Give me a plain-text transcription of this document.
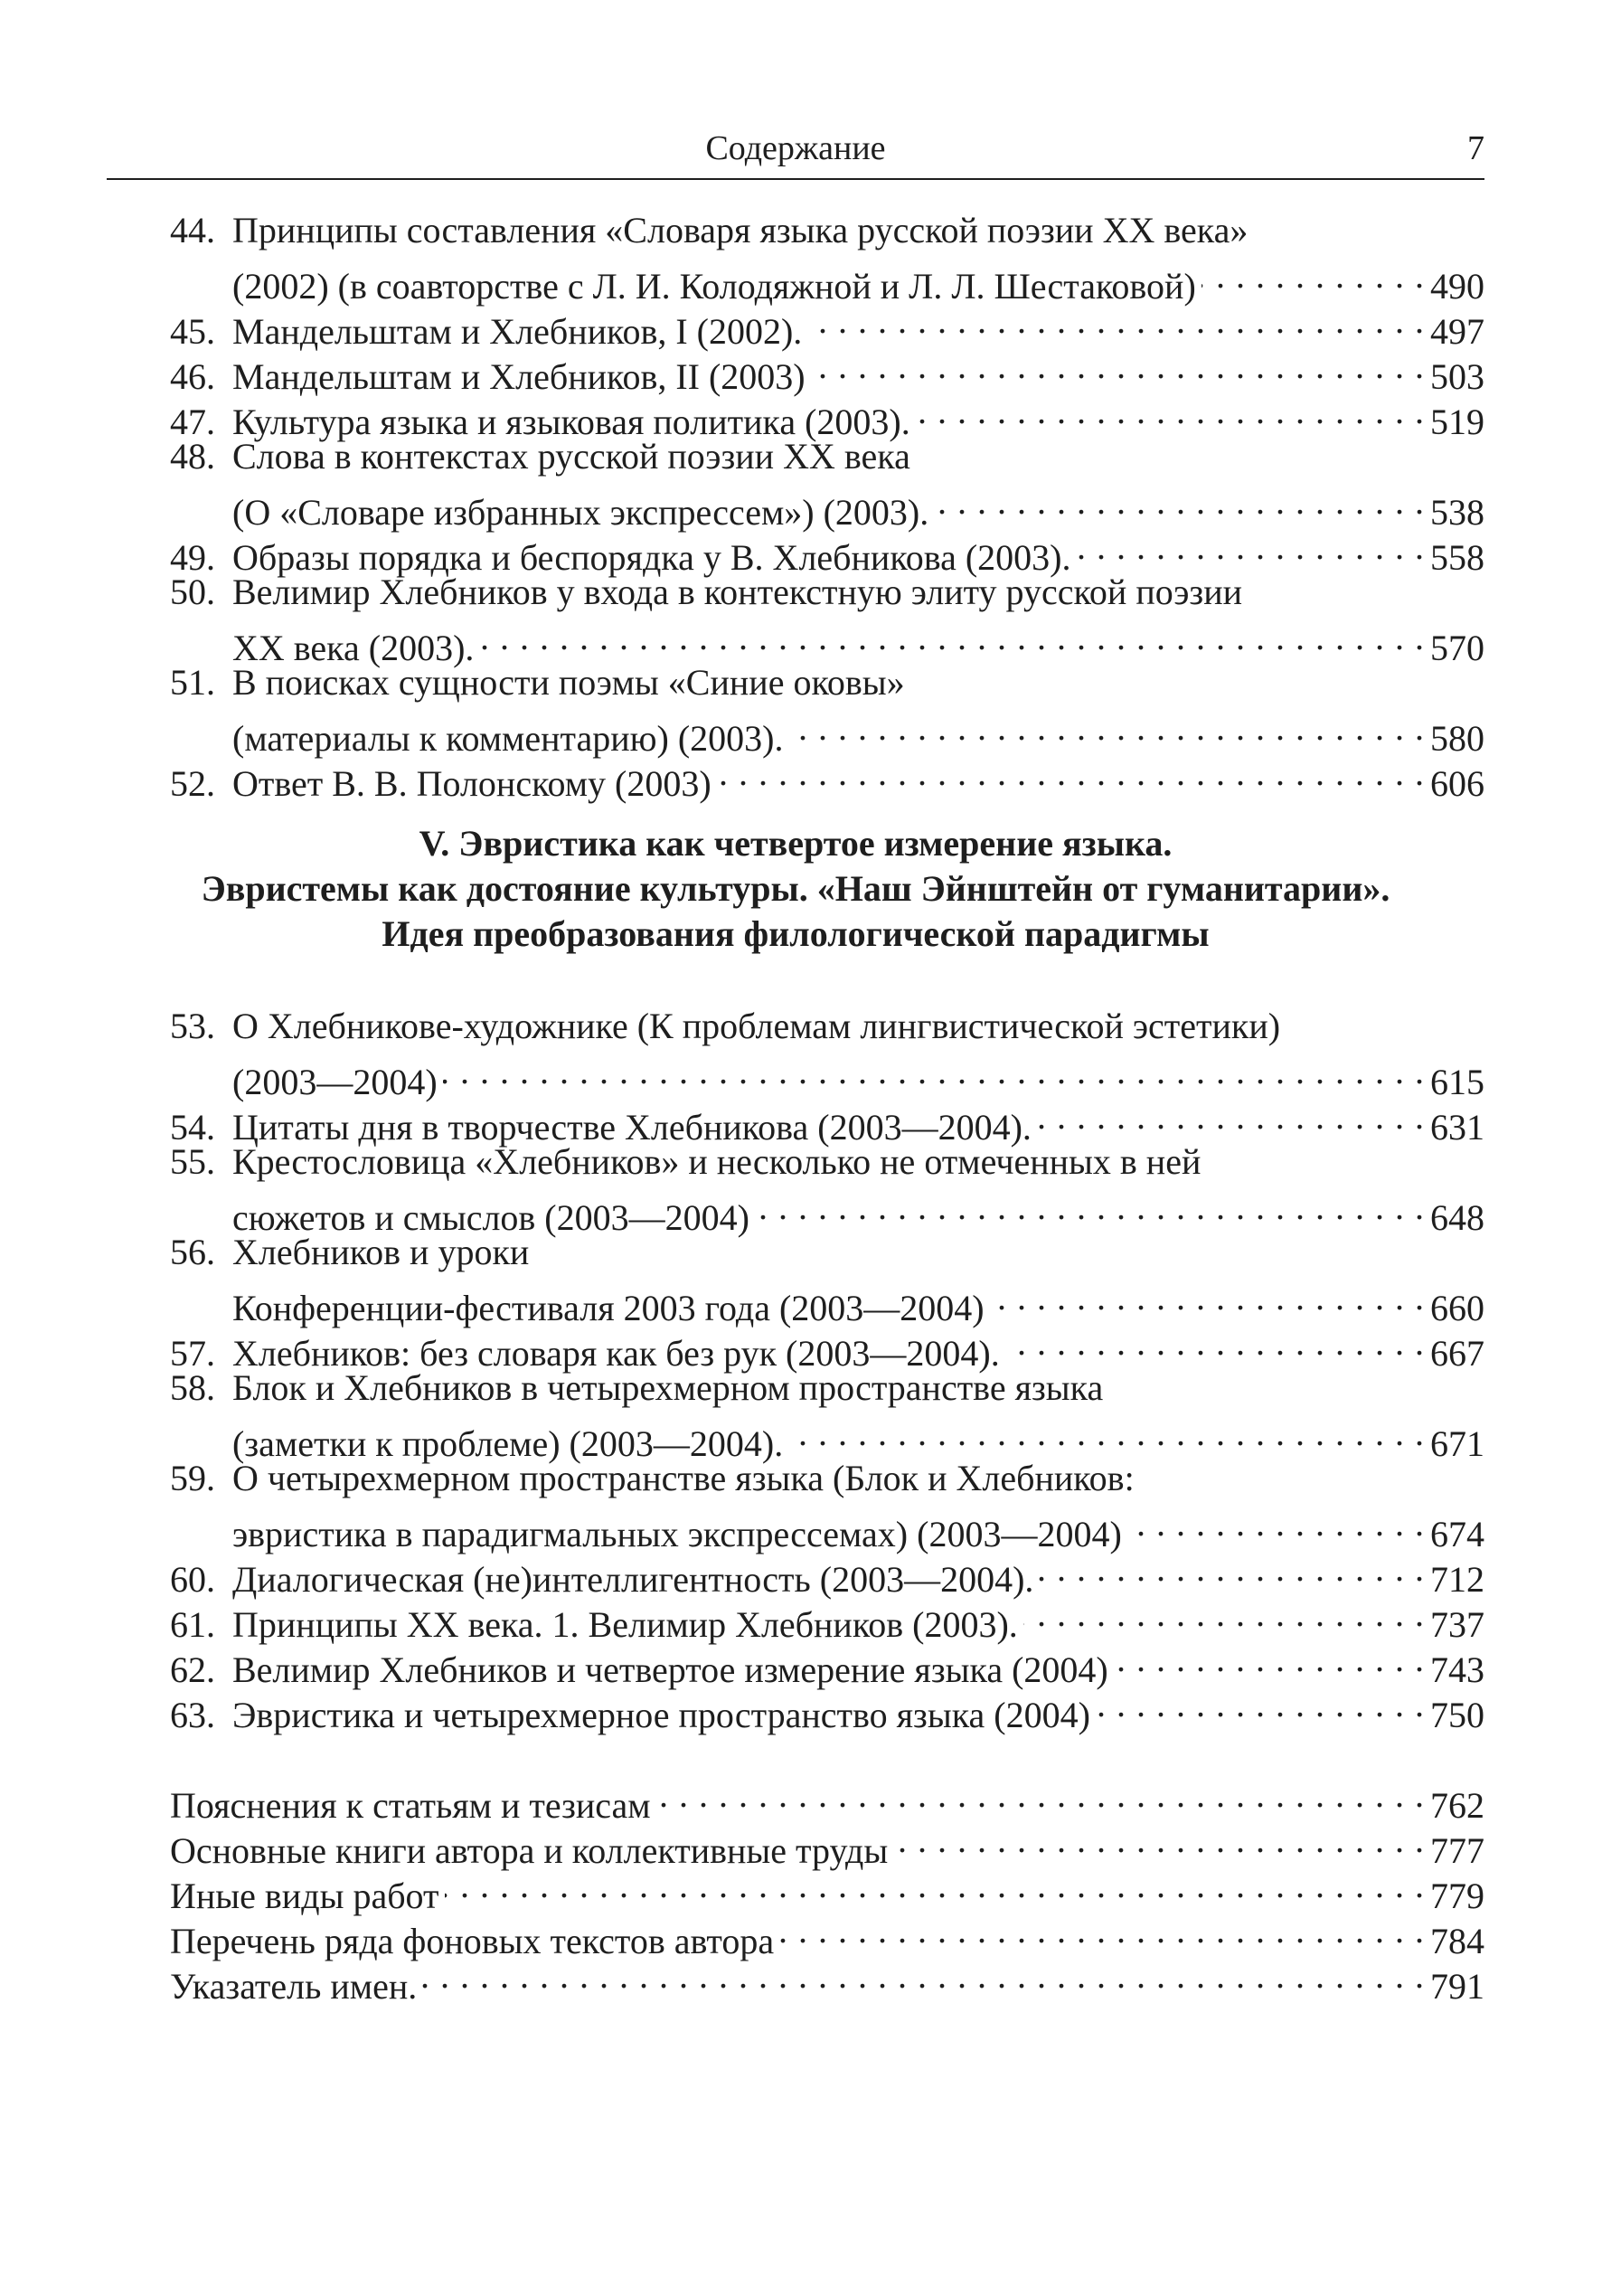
Содержание	7
V. Эвристика как четвертое измерение языка.
Эвристемы как достояние культуры. «Наш Эйнштейн от гуманитарии».
Идея преобразования филологической парадигмы
44. Принципы составления «Словаря языка русской поэзии XX века»
(2002) (в соавторстве с Л. И. Колодяжной и Л. Л. Шестаковой) . . .	490
45. Мандельштам и Хлебников, I (2002). . . .	497
46. Мандельштам и Хлебников, II (2003) . . .	503
47. Культура языка и языковая политика (2003). . . .	519
48. Слова в контекстах русской поэзии XX века
(О «Словаре избранных экспрессем») (2003). . . .	538
49. Образы порядка и беспорядка у В. Хлебникова (2003). . . .	558
50. Велимир Хлебников у входа в контекстную элиту русской поэзии
XX века (2003). . . .	570
51. В поисках сущности поэмы «Синие оковы»
(материалы к комментарию) (2003). . . .	580
52. Ответ В. В. Полонскому (2003) . . .	606
53. О Хлебникове-художнике (К проблемам лингвистической эстетики)
(2003—2004) . . .	615
54. Цитаты дня в творчестве Хлебникова (2003—2004). . . .	631
55. Крестословица «Хлебников» и несколько не отмеченных в ней
сюжетов и смыслов (2003—2004) . . .	648
56. Хлебников и уроки
Конференции-фестиваля 2003 года (2003—2004) . . .	660
57. Хлебников: без словаря как без рук (2003—2004). . . .	667
58. Блок и Хлебников в четырехмерном пространстве языка
(заметки к проблеме) (2003—2004). . . .	671
59. О четырехмерном пространстве языка (Блок и Хлебников:
эвристика в парадигмальных экспрессемах) (2003—2004) . . .	674
60. Диалогическая (не)интеллигентность (2003—2004). . . .	712
61. Принципы XX века. 1. Велимир Хлебников (2003). . . .	737
62. Велимир Хлебников и четвертое измерение языка (2004) . . .	743
63. Эвристика и четырехмерное пространство языка (2004) . . .	750
Пояснения к статьям и тезисам . . .	762
Основные книги автора и коллективные труды . . .	777
Иные виды работ . . .	779
Перечень ряда фоновых текстов автора . . .	784
Указатель имен. . . .	791
